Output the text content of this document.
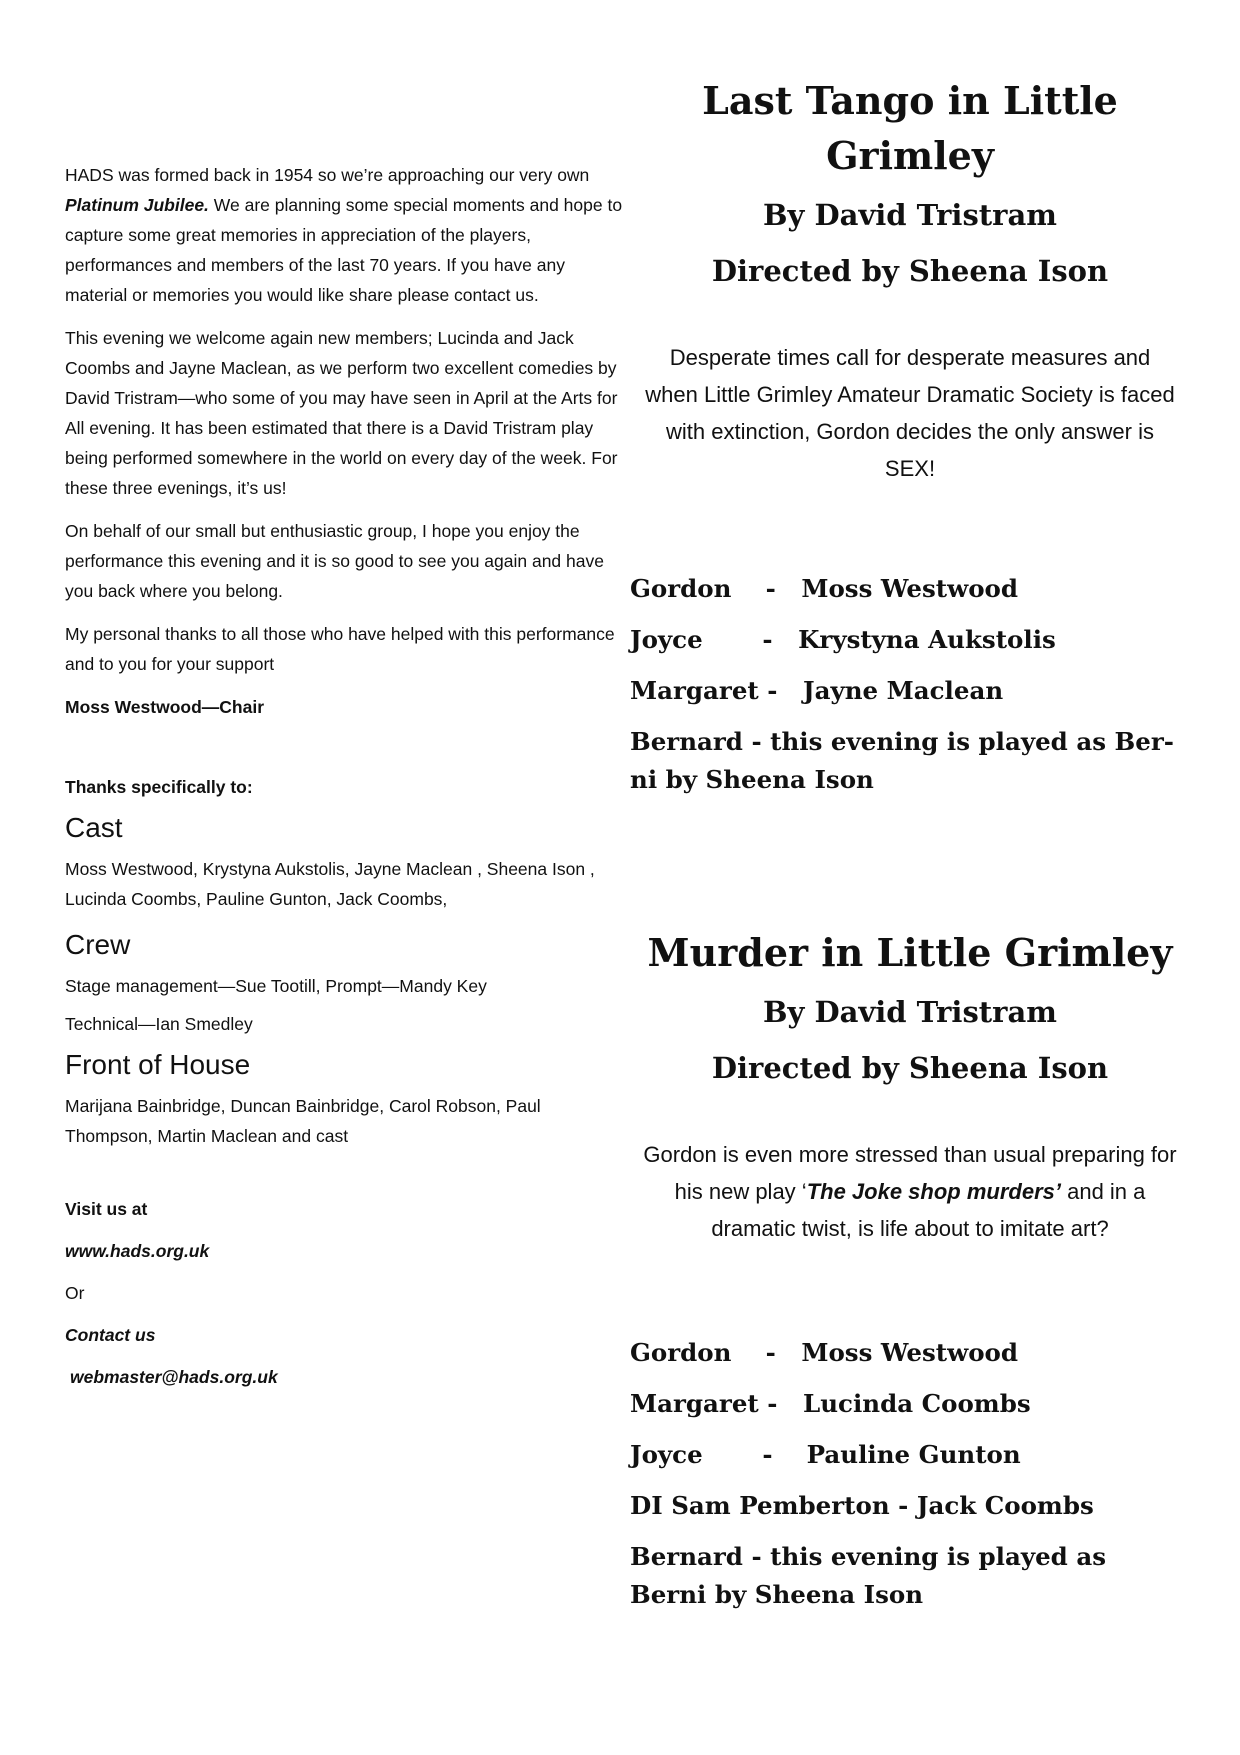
HADS was formed back in 1954 so we’re approaching our very own Platinum Jubilee. We are planning some special moments and hope to capture some great memories in appreciation of the players, performances and members of the last 70 years. If you have any material or memories you would like share please contact us.

This evening we welcome again new members; Lucinda and Jack Coombs and Jayne Maclean, as we perform two excellent comedies by David Tristram—who some of you may have seen in April at the Arts for All evening. It has been estimated that there is a David Tristram play being performed somewhere in the world on every day of the week. For these three evenings, it’s us!

On behalf of our small but enthusiastic group, I hope you enjoy the performance this evening and it is so good to see you again and have you back where you belong.

My personal thanks to all those who have helped with this performance and to you for your support

Moss Westwood—Chair

Thanks specifically to:

Cast

Moss Westwood, Krystyna Aukstolis, Jayne Maclean , Sheena Ison , Lucinda Coombs, Pauline Gunton, Jack Coombs,

Crew

Stage management—Sue Tootill, Prompt—Mandy Key

Technical—Ian Smedley

Front of House

Marijana Bainbridge, Duncan Bainbridge, Carol Robson, Paul Thompson, Martin Maclean and cast

Visit us at

www.hads.org.uk

Or

Contact us

webmaster@hads.org.uk

Last Tango in Little
Grimley
By David Tristram
Directed by Sheena Ison
Desperate times call for desperate measures and when Little Grimley Amateur Dramatic Society is faced with extinction, Gordon decides the only answer is SEX!

Gordon    -   Moss Westwood

Joyce       -   Krystyna Aukstolis

Margaret -   Jayne Maclean

Bernard - this evening is played as Ber-ni by Sheena Ison

Murder in Little Grimley
By David Tristram
Directed by Sheena Ison
Gordon is even more stressed than usual preparing for his new play ‘The Joke shop murders’ and in a dramatic twist, is life about to imitate art?

Gordon    -   Moss Westwood

Margaret -   Lucinda Coombs

Joyce       -    Pauline Gunton

DI Sam Pemberton - Jack Coombs

Bernard - this evening is played as Berni by Sheena Ison
